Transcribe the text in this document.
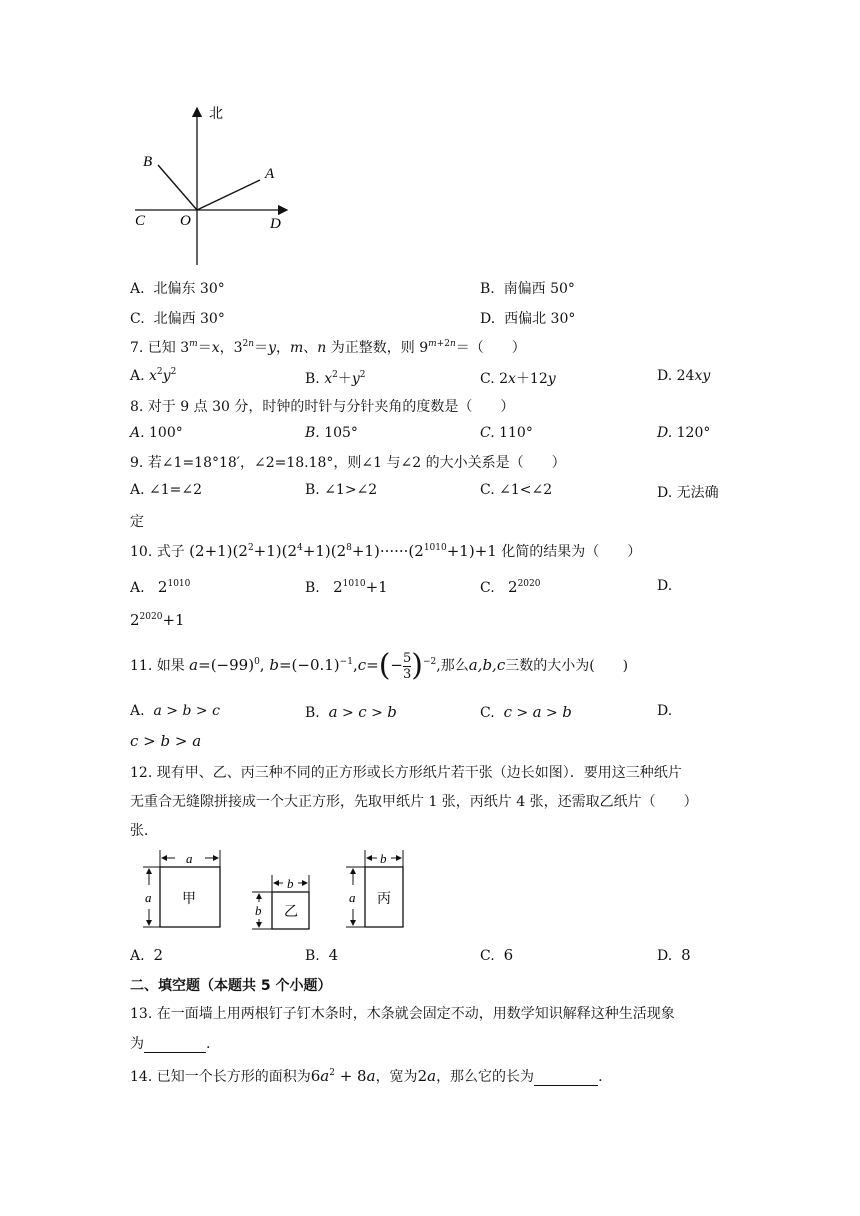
北
B
A
C O	D
A. 北偏东 30°	B. 南偏西 50°
C. 北偏西 30°	D. 西偏北 30°
7. 已知 $3^m=x$，$3^{2n}=y$，m、n 为正整数，则 $9^{m+2n}=$（　　）
A. $x^2y^2$	B. $x^2+y^2$	C. 2x＋12y	D. 24xy
8. 对于 9 点 30 分，时钟的时针与分针夹角的度数是（　　）
A. 100°	B. 105°	C. 110°	D. 120°
9. 若∠1=18°18′，∠2=18.18°，则∠1 与∠2 的大小关系是（　　）
A. ∠1=∠2	B. ∠1>∠2	C. ∠1<∠2	D. 无法确
定
10. 式子 $(2+1)(2^2+1)(2^4+1)(2^8+1)\cdot\cdot\cdot\cdot\cdot\cdot(2^{1010}+1)+1$ 化简的结果为（　　）
A. $2^{1010}$	B. $2^{1010}+1$	C. $2^{2020}$	D.
$2^{2020}+1$
11. 如果 $a=(-99)^0$, $b=(-0.1)^{-1},c=(- \frac{5}{3} )^{-2}$,那么a,b,c三数的大小为(　　)
A. a > b > c	B. a > c > b	C. c > a > b	D.
c > b > a
12. 现有甲、乙、丙三种不同的正方形或长方形纸片若干张（边长如图）．要用这三种纸片
无重合无缝隙拼接成一个大正方形，先取甲纸片 1 张，丙纸片 4 张，还需取乙纸片（　　）
张．
a
a 甲
b
b 乙
b
a 丙
A. 2	B. 4	C. 6	D. 8
二、填空题（本题共 5 个小题）
13. 在一面墙上用两根钉子钉木条时，木条就会固定不动，用数学知识解释这种生活现象
为	.
14. 已知一个长方形的面积为$6a^2 + 8a$，宽为2a，那么它的长为	.
